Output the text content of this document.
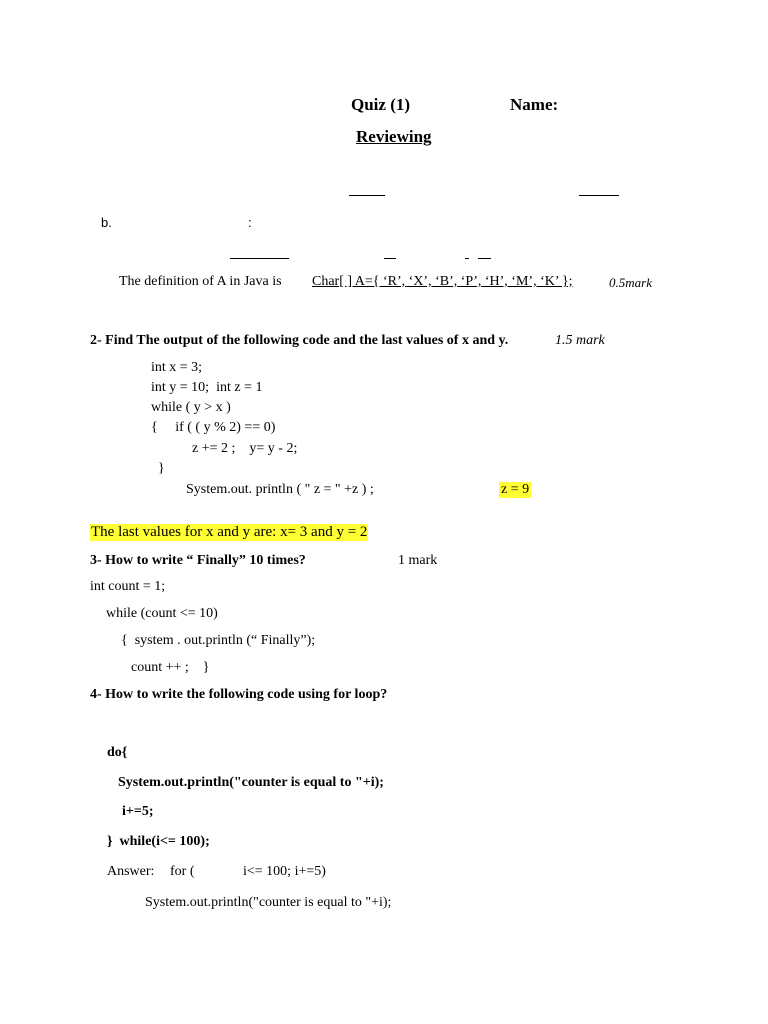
Quiz (1)	Name:
Reviewing
b.	:
The definition of A in Java is Char[ ] A={ ‘R’, ‘X’, ‘B’, ‘P’, ‘H’, ‘M’, ‘K’ };	0.5mark
2- Find The output of the following code and the last values of x and y.	1.5 mark
int x = 3;
int y = 10;  int z = 1
while ( y > x )
{     if ( ( y % 2) == 0)
z += 2 ;    y= y - 2;
}
System.out. println ( " z = " +z ) ;	z = 9
The last values for x and y are: x= 3 and y = 2
3- How to write “ Finally” 10 times?	1 mark
int count = 1;
while (count <= 10)
{  system . out.println (“ Finally”);
count ++ ;    }
4- How to write the following code using for loop?
do{
System.out.println("counter is equal to "+i);
i+=5;
}  while(i<= 100);
Answer: for (	i<= 100; i+=5)
System.out.println("counter is equal to "+i);
